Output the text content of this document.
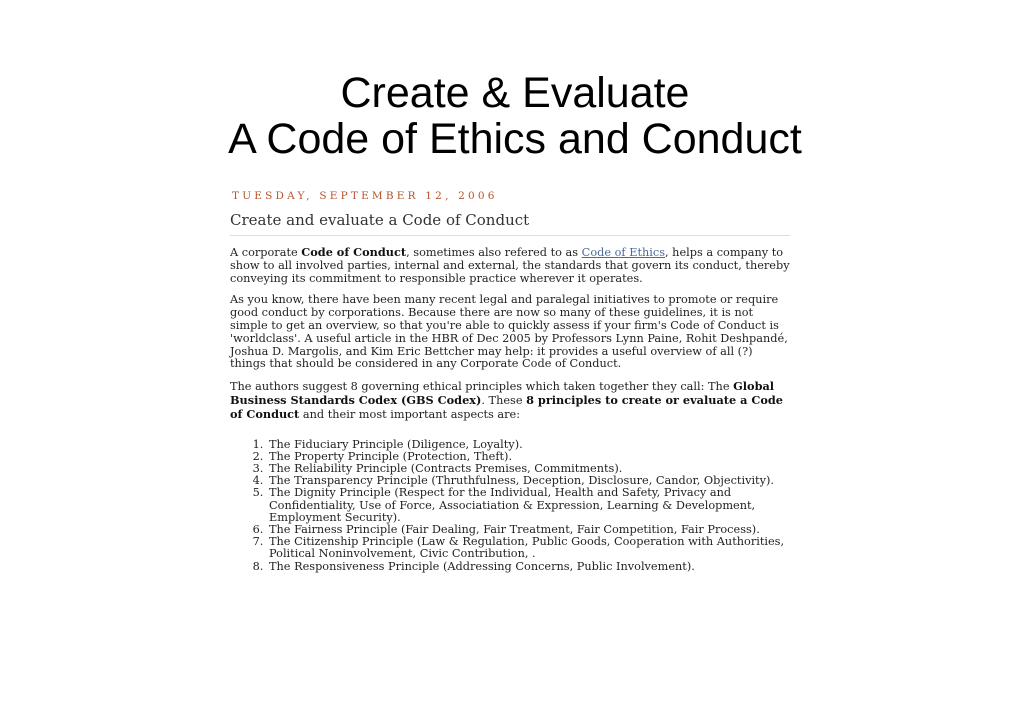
Create & Evaluate
A Code of Ethics and Conduct
TUESDAY, SEPTEMBER 12, 2006
Create and evaluate a Code of Conduct

A corporate Code of Conduct, sometimes also refered to as Code of Ethics, helps a company to show to all involved parties, internal and external, the standards that govern its conduct, thereby conveying its commitment to responsible practice wherever it operates.

As you know, there have been many recent legal and paralegal initiatives to promote or require good conduct by corporations. Because there are now so many of these guidelines, it is not simple to get an overview, so that you're able to quickly assess if your firm's Code of Conduct is 'worldclass'. A useful article in the HBR of Dec 2005 by Professors Lynn Paine, Rohit Deshpandé, Joshua D. Margolis, and Kim Eric Bettcher may help: it provides a useful overview of all (?) things that should be considered in any Corporate Code of Conduct.

The authors suggest 8 governing ethical principles which taken together they call: The Global Business Standards Codex (GBS Codex). These 8 principles to create or evaluate a Code of Conduct and their most important aspects are:

1. The Fiduciary Principle (Diligence, Loyalty).
2. The Property Principle (Protection, Theft).
3. The Reliability Principle (Contracts Premises, Commitments).
4. The Transparency Principle (Thruthfulness, Deception, Disclosure, Candor, Objectivity).
5. The Dignity Principle (Respect for the Individual, Health and Safety, Privacy and Confidentiality, Use of Force, Associatiation & Expression, Learning & Development, Employment Security).
6. The Fairness Principle (Fair Dealing, Fair Treatment, Fair Competition, Fair Process).
7. The Citizenship Principle (Law & Regulation, Public Goods, Cooperation with Authorities, Political Noninvolvement, Civic Contribution, .
8. The Responsiveness Principle (Addressing Concerns, Public Involvement).
